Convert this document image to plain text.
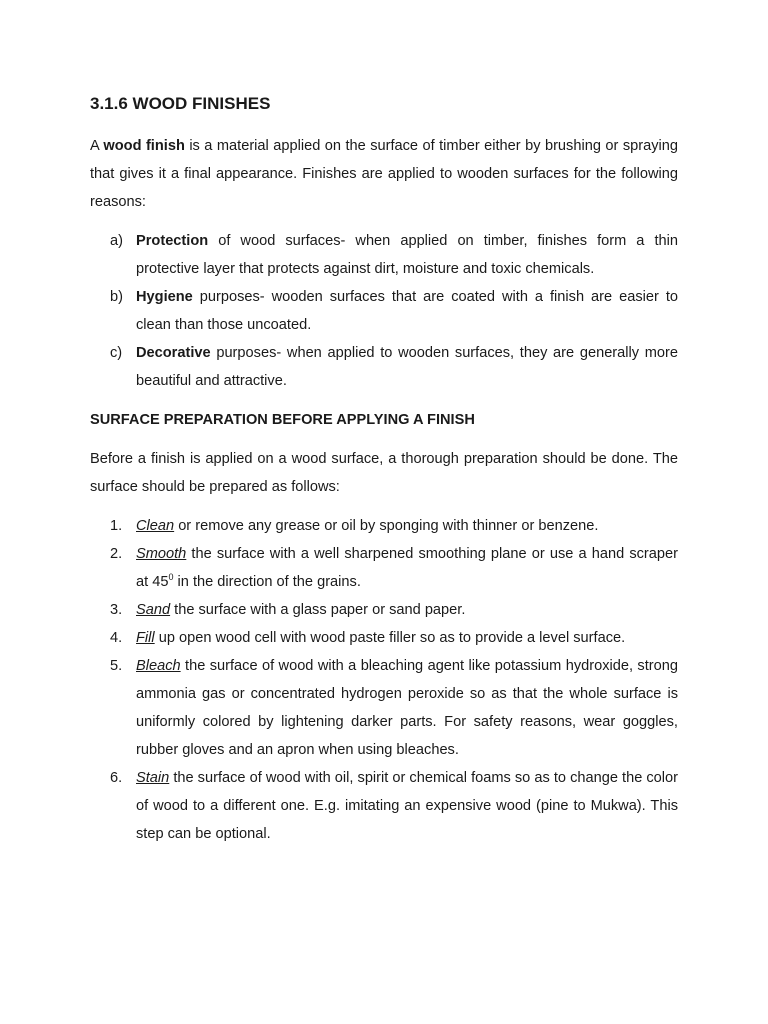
3.1.6 WOOD FINISHES

A wood finish is a material applied on the surface of timber either by brushing or spraying that gives it a final appearance. Finishes are applied to wooden surfaces for the following reasons:

a) Protection of wood surfaces- when applied on timber, finishes form a thin protective layer that protects against dirt, moisture and toxic chemicals.
b) Hygiene purposes- wooden surfaces that are coated with a finish are easier to clean than those uncoated.
c) Decorative purposes- when applied to wooden surfaces, they are generally more beautiful and attractive.
SURFACE PREPARATION BEFORE APPLYING A FINISH

Before a finish is applied on a wood surface, a thorough preparation should be done. The surface should be prepared as follows:

1. Clean or remove any grease or oil by sponging with thinner or benzene.
2. Smooth the surface with a well sharpened smoothing plane or use a hand scraper at $45^0$ in the direction of the grains.
3. Sand the surface with a glass paper or sand paper.
4. Fill up open wood cell with wood paste filler so as to provide a level surface.
5. Bleach the surface of wood with a bleaching agent like potassium hydroxide, strong ammonia gas or concentrated hydrogen peroxide so as that the whole surface is uniformly colored by lightening darker parts. For safety reasons, wear goggles, rubber gloves and an apron when using bleaches.
6. Stain the surface of wood with oil, spirit or chemical foams so as to change the color of wood to a different one. E.g. imitating an expensive wood (pine to Mukwa). This step can be optional.
